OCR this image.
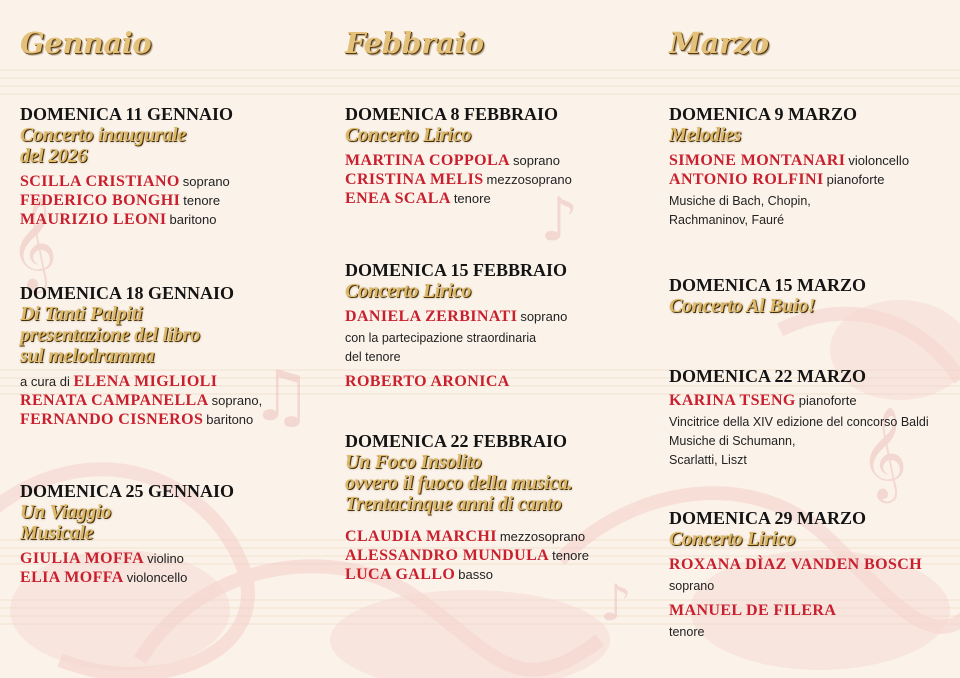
𝄞
♫
♪
𝄞
♪
Gennaio
DOMENICA 11 GENNAIO
Concerto inaugurale
del 2026
SCILLA CRISTIANO soprano
FEDERICO BONGHI tenore
MAURIZIO LEONI baritono
DOMENICA 18 GENNAIO
Di Tanti Palpiti
presentazione del libro
sul melodramma
a cura di ELENA MIGLIOLI
RENATA CAMPANELLA soprano,
FERNANDO CISNEROS baritono
DOMENICA 25 GENNAIO
Un Viaggio
Musicale
GIULIA MOFFA violino
ELIA MOFFA violoncello
Febbraio
DOMENICA 8 FEBBRAIO
Concerto Lirico
MARTINA COPPOLA soprano
CRISTINA MELIS mezzosoprano
ENEA SCALA tenore
DOMENICA 15 FEBBRAIO
Concerto Lirico
DANIELA ZERBINATI soprano
con la partecipazione straordinaria
del tenore
ROBERTO ARONICA
DOMENICA 22 FEBBRAIO
Un Foco Insolito
ovvero il fuoco della musica.
Trentacinque anni di canto
CLAUDIA MARCHI mezzosoprano
ALESSANDRO MUNDULA tenore
LUCA GALLO basso
Marzo
DOMENICA 9 MARZO
Melodies
SIMONE MONTANARI violoncello
ANTONIO ROLFINI pianoforte
Musiche di Bach, Chopin,
Rachmaninov, Fauré
DOMENICA 15 MARZO
Concerto Al Buio!
DOMENICA 22 MARZO
KARINA TSENG pianoforte
Vincitrice della XIV edizione del concorso Baldi
Musiche di Schumann,
Scarlatti, Liszt
DOMENICA 29 MARZO
Concerto Lirico
ROXANA DÌAZ VANDEN BOSCH
soprano
MANUEL DE FILERA
tenore
